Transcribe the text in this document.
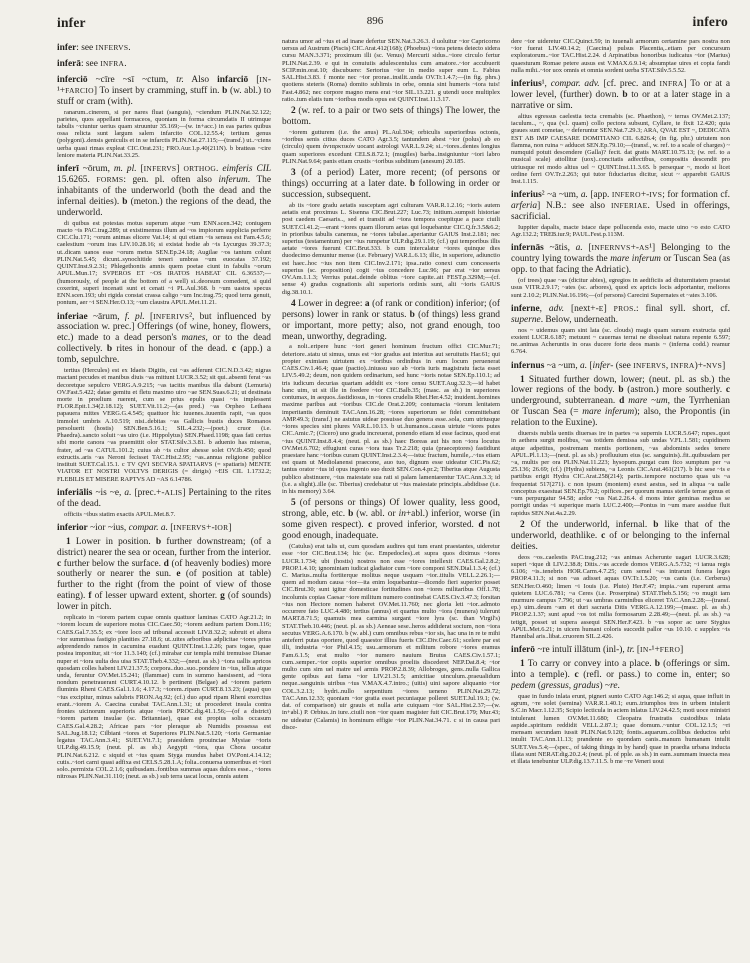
infer	896	infero

infer: see INFERVS.

inferā: see INFRA.

inferciō ~cīre ~sī ~ctum, tr. Also infarciō [IN-¹+FARCIO] To insert by cramming, stuff in. b (w. abl.) to stuff or cram (with).

ranarum..cinerem, si per nares fluat (sanguis), ~ciendum PLIN.Nat.32.122; parietes, quos appellant formaceos, quoniam in forma circumdatis II utrimque tabulis ~ciuntur uerius quam struuntur 35.169;—(w. in+acc.) in eas partes quibus ossa relicta sunt largum salem infarcito COL.12.55.4; tertium genus (polygoni)..densis geniculis et in se infarctis PLIN.Nat.27.115;—(transf.) ut..~ciens uerba quasi rimas expleat CIC.Orat.231; FRO.Aur.1.p.40(211N). b bratteas ~cire leniore materia PLIN.Nat.33.25.

inferī ~ōrum, m. pl. [INFERVS] ORTHOG. eimferis CIL 15.6265. FORMS: gen. pl. often also inferum. The inhabitants of the underworld (both the dead and the infernal deities). b (meton.) the regions of the dead, the underworld.

di quibus est potestas motus superum atque ~um ENN.scen.342; coniugem macto ~is PAC.trag.289; ut existimemus illum ad ~os impiorum supplicia perferre CIC.Clu.171; ~orum animas elicere Vat.14; si qui etiam ~is sensus est Fam.4.5.6; caelestium ~orum iras LIV.10.28.16; si existat hodie ab ~is Lycurgus 39.37.3; ut..dicam uanos esse ~orum metus SEN.Ep.24.18; Augilae ~os tantum colunt PLIN.Nat.5.45; dicunt..synochitide teneri umbras ~um euocatas 37.192; QUINT.Inst.9.2.31; Phlegethontis amnis quem poetae ciunt in fabulis ~orum APUL.Mun.17; SVPEROS ET ~OS IRATOS HABEAT CIL 6.36537;—(humorously, of people at the bottom of a well) si..deorsum comedent, si quid coxerint, superi incenati sunt et cenati ~i PL.Aul.368. b ~um uastos specus ENN.scen.193; ubi rigida constat crassa caligo ~um Inc.trag.75; quod terra genuit, pontum, aer ~i SEN.Her.O.13; ~um claustra APUL.Met.11.21.

inferiae ~ārum, f. pl. [INFERIVS², but influenced by association w. prec.] Offerings (of wine, honey, flowers, etc.) made to a dead person's manes, or to the dead collectively. b rites in honour of the dead. c (app.) a tomb, sepulchre.

tertius (Hercules) est ex Idaeis Digitis, cui ~as adferunt CIC.N.D.3.42; nigras mactant pecudes et manibus diuis ~as mittunt LUCR.3.52; sit qui..absenti ferat ~as decoretque sepulcro VERG.A.9.215; ~as tacitis manibus illa dabunt (Lemuria) OV.Fast.5.422; datae gemitu et fletu maximo uiro ~ae SEN.Suas.6.21; ut destinata morte in proelium ruerent, cum se prius epulis quasi ~is implessent FLOR.Epit.1.34(2.18.12); SUET.Vit.11.2;—(as pred.) ~as Orpheo Lethaea papauera mittes VERG.G.4.545; quattuor hic iuuenes..iuuentis rapit, ~as quos immolet umbris A.10.519; nisi..debitas ~as Gallicis bustis duces Romanos persoluerit (hostis) SEN.Ben.5.16.1; SIL.4.232;—(poet.) cruor (i.e. Phaedra)..sancto soluit ~as uiro (i.e. Hippolytus) SEN.Phaed.1198; quas fati certus sibi morte canora ~as praemittit olor STAT.Silv.3.3.81. b aduenio has miseras, frater, ad ~as CATUL.101.2; cuius ab ~is cultor abesse solet OV.Ib.450; quod extructis..aris ~as Neroni fecisset TAC.Hist.2.95; ~as..annua religione publice instituit SUET.Cal.15.1. c TV QVI SECVRA SPATIARVS (= spatiaris) MENTE VIATOR ET NOSTRI VOLTVS DERIGIS (= dirigis) ~EIS CIL 1.1732.2; FLEBILIS ET MISERE RAPTVS AD ~AS 6.14786.

inferiālis ~is ~e, a. [prec.+-ALIS] Pertaining to the rites of the dead.

officiis ~ibus statim exactis APUL.Met.8.7.

inferior ~ior ~ius, compar. a. [INFERVS+-IOR]

1 Lower in position. b further downstream; (of a district) nearer the sea or ocean, further from the interior. c further below the surface. d (of heavenly bodies) more southerly or nearer the sun. e (of position at table) further to the right (from the point of view of those eating). f of lesser upward extent, shorter. g (of sounds) lower in pitch.

replicato in ~iorem partem cupae omnis quattuor laminas CATO Agr.21.2; in ~iorem locum de superiore motus CIC.Caec.50; ~iorem aedium partem Dom.116; CAES.Gal.7.35.5; ex ~iore loco ad tribunal accessit LIV.8.32.2; subruit et altera ~ior summissa fastigio planities 27.18.6; ut..uites arboribus adplicitae ~iores prius adprendendo ramos in cacumina euadunt QUINT.Inst.1.2.26; pars togae, quae postea imponitur, sit ~ior 11.3.140; (cf.) mirabar cur templa mihi tremuisse Dianae nuper et ~iora uulta dea uisa STAT.Theb.4.332;—(neut. as sb.) ~iora uallis apricos quosdam colles habent LIV.21.37.5; corpora..duo..suo..pondere in ~ius, tellus atque unda, feruntur OV.Met.15.241; (flammae) cum in summo haesissent, ad ~iora nondum penetrauerant CURT.4.10.12. b pertinent (Belgae) ad ~iorem partem fluminis Rheni CAES.Gal.1.1.6; 4.17.3; ~iorem..ripam CURT.8.13.23; (aqua) quo ~ius excipitur, minus salubris FRON.Aq.92; (cf.) duo apud ripam Rheni exercitus erant..~iorem A. Caecina curabat TAC.Ann.1.31; ut procederet insula contra frontes uicinorum superioris atque ~ioris PROC.dig.41.1.56;—(of a district) ~iorem partem insulae (sc. Britanniae), quae est propius solis occasum CAES.Gal.4.28.2; Africae pars ~ior pleraque ab Numidis possessa est SAL.Jug.18.12; Cilbiani ~iores et Superiores PLIN.Nat.5.120; ~ioris Germaniae legatus TAC.Ann.3.41; SUET.Vit.7.1; praesidem prouinciae Mysiae ~ioris ULP.dig.49.15.9; (neut. pl. as sb.) Aegypti ~iora, qua Chora uocatur PLIN.Nat.6.212. c siquid et ~ius quam Styga mundus habet OV.Pont.4.14.12; cutis..~iori carni quasi adfixa est CELS.5.28.1.A; folia..conuersa uomeribus et ~iori solo..permixta COL.2.1.6; quibusdam..fontibus summas aquas dulces esse.., ~iores nitrosas PLIN.Nat.31.110; (neut. as sb.) sub terra uacat locus, omnis autem

natura umor ad ~ius et ad inane defertur SEN.Nat.3.26.3. d uoluitur ~ior Capricorno uersus ad Austrum (Piscis) CIC.Arat.412(168); (Phoebus) ~iora petens deiecto sidera cursu MAN.3.371; proximum illi (sc. Venus) Mercurii sidus..~iore circulo fertur PLIN.Nat.2.39. e qui in conuiuiis adulescentulus cum amatore..~ior accubuerit SCIP.min.orat.10; discubuere: Sertorius ~ior in medio super eum L. Fabius SAL.Hist.3.83. f monte nec ~ior prorae..insilit..unda OV.Tr.1.4.7;—(in fig. phrs.) quotiens steteris (Roma) domito sublimis in orbe, omnia sint humeris ~iora tuis! Fast.4.862; nec corpore magno mens erat ~ior SIL.13.221. g utendi uoce multiplex ratio..tum elatis tum ~ioribus modis opus est QUINT.Inst.11.3.17.

2 (w. ref. to a pair or two sets of things) The lower, the bottom.

~iorem gutturem (i.e. the anus) PL.Aul.304; orbiculis superioribus octonis, ~ioribus senis citius duces CATO Agr.3.5; tantundem abest ~ior (polus) ab eo (circulo) quem ἀνταρκτικόν uocant astrologi VAR.L.9.24; si..~iores..dentes longius quam superiores excedunt CELS.8.72.1; (mugiles) barba..insigniuntur ~iori labro PLIN.Nat.9.64; panis etiam crustis ~ioribus subditum (anesum) 20.185.

3 (of a period) Later, more recent; (of persons or things) occurring at a later date. b following in order or succession, subsequent.

ab iis ~iore gradu aetatis susceptam agri culturam VAR.R.1.2.16; ~ioris autem aetatis erat proximus L. Sisenna CIC.Brut.227; Luc.73; initium..sumpsit historiae post caedem Caesaris.., sed et transiit ad ~iora tempora coepitque a pace ciuili SUET.Cl.41.2;—erant ~iores quam illorum aetas qui loquebantur CIC.Q.fr.3.5&6.2; in prioribus tabulis canemus, ne ~iores tabulae..aperiantur GAIUS Inst.2.181; nec superius (testamentum) per ~ius rumpetur ULP.dig.29.1.19; (cf.) qui temporibus illis aetate ~iores fuerunt CIC.Brut.333. b cum intercalatur ~iores quinque dies duodecimo demuntur mense (i.e. February) VAR.L.6.13; illic, in superiore, adiunctio est haec..hoc ~ius non item CIC.Inv.2.171; ipsa..ratio conexi cum concesseris superius (sc. proposition) cogit ~ius concedere Luc.96; par erat ~ior uersus OV.Am.1.1.3; Verrius putat..deinde oblitus ~iore capite..ait FEST.p.329M;—(cf. sense 4) gradus cognationis alii superioris ordinis sunt, alii ~ioris GAIUS dig.38.10.1.

4 Lower in degree: a (of rank or condition) inferior; (of persons) lower in rank or status. b (of things) less grand or important, more petty; also, not grand enough, too mean, unworthy, degrading.

a noli..eripere hunc ~iori generi hominum fructum offici CIC.Mur.71; deteriore..statu ut simus, unus est ~ior gradus aut interitus aut seruitutis Har.61; qui propter eximiam uirtutem ex ~ioribus ordinibus in eum locum peruenerat CAES.Civ.1.46.4; quae (pactio)..iniussu suo ab ~ioris iuris magistratu facta esset LIV.5.49.2; deum, non quidem ordinarium, sed hunc ~ioris notae SEN.Ep.110.1; ad tris iudicum decurias quartam addidit ex ~iore censu SUET.Aug.32.3;—id habet hanc uim, ut sit ille in foedere ~ior CIC.Balb.35; (masc. as sb.) in superiores contumax, in aequos..fastidiosus, in ~iores crudelis Rhet.Her.4.52; inuident..homines maxime paribus aut ~ioribus CIC.de Orat.2.209; contumacia ~iorum lenitatem imperitantis deminuit TAC.Ann.16.28; ~iores superiorum se fidei committebant AMP.49.3; (transf.) ne astutus uidear posuisse duo genera esse..sola, cum utriusque ~iores species sint plures VAR.L.10.13. b ut..humanos..casus uirtute ~iores putes CIC.Amic.7; (Cicero) uno gradu increuerat, ponendo etiam id esse facinus, quod erat ~ius QUINT.Inst.8.4.4; (neut. pl. as sb.) haec Boreas aut his non ~iora locutus OV.Met.6.702; effugiunt curas ~iora tuas Tr.2.218; quia (praeceptores) fastidiunt praestare hanc ~ioribus curam QUINT.Inst.2.3.4;—istuc fractum, humile,..~ius etiam est quam ut Mediolanensi praecone, auo tuo, dignum esse uideatur CIC.Pis.62; tantus orator ~ius id opus ingenio suo duxit SEN.Con.4.pr.2; Tiberius atque Augusta publico abstinuere, ~ius maiestate sua rati si palam lamentarentur TAC.Ann.3.3; id (i.e. a slight)..ille (sc. Tiberius) credebatur ut ~ius maiestate principis..abdidisse (i.e. in his memory) 3.64.

5 (of persons or things) Of lower quality, less good, strong, able, etc. b (w. abl. or in+abl.) inferior, worse (in some given respect). c proved inferior, worsted. d not good enough, inadequate.

(Catulus) erat talis ut, cum quosdam audires qui tum erant praestantes, uideretur esse ~ior CIC.Brut.134; hic (sc. Empedocles)..et supra quos diximus ~iores LUCR.1.734; ubi (hostis) nostros non esse ~iores intellexit CAES.Gal.2.8.2; PROP.1.4.10; ignominiam iudicat gladiator cum ~iore componi SEN.Dial.1.3.4; (cf.) C. Marius..multa fortiterque molitus neque usquam ~ior..titulis VELL.2.26.1;—quem ad modum causa ~ior—ita enim loquebantur—dicendo fieri superior posset CIC.Brut.30; sunt igitur domesticae fortitudines non ~iores militaribus Off.1.78; incolumis copias Caesar ~iore militum numero continebat CAES.Civ.3.47.3; forsitan ~ius non Hectore nomen haberet OV.Met.11.760; nec gloria leti ~ior..admoto occurrere fato LUC.4.480; tertius (annus) et quartus multo ~iora (munera) tulerunt MART.8.71.5; quamuis mea carmina surgant ~iore lyra (sc. than Virgil's) STAT.Theb.10.446; (neut. pl. as sb.) Aeneae sese..heros addiderat socium, non ~iora secutus VERG.A.6.170. b (w. abl.) cum omnibus rebus ~ior sis, hac una in re te mihi anteferri putas oportere, quod quaestor illius fueris CIC.Div.Caec.61; scelere par est illi, industria ~ior Phil.4.15; usu..armorum et militum robore ~iores eramus Fam.6.1.5; erat multo ~ior numero nauium Brutus CAES.Civ.1.57.1; cum..semper..~ior copiis superior omnibus proeliis discederet NEP.Dat.8.4; ~ior multo cum sim uel matre uel armis PROP.2.8.39; Allobroges, gens..nulla Gallica gente opibus aut fama ~ior LIV.21.31.5; amicitiae uinculum..praeualidum neque..sanguinis uiribus ~ius V.MAX.4.7.intro.; (uitis) uini sapore aliquanto ~ior COL.3.2.13; hydri..nullo serpentium ~iores ueneno PLIN.Nat.29.72; TAC.Ann.12.33; quoniam ~ior gratia esset pecuniaque polleret SUET.Jul.19.1; (w. dat. of comparison) uir grauis et nulla arte cuiquam ~ior SAL.Hist.2.37;—(w. in+abl.) P. Orbius..in iure..ciuili non ~ior quam magister fuit CIC.Brut.179; Mur.43; ne uideatur (Calamis) in hominum effigie ~ior PLIN.Nat.34.71. c si in causa pari disce-

dere ~ior uideretur CIC.Quinct.59; in iuuenali armorum certamine pars nostra non ~ior fuerat LIV.40.14.2; (Caecina) pulsus Placentia,..etiam per concursum exploratorum..~ior TAC.Hist.2.24. d Arpinatibus honoribus iudicatus ~ior (Marius) quaesturam Romae petere ausus est V.MAX.6.9.14; absumptae uires et copia fandi nulla mihi..~ior uox omnis et omnia sordent uerba STAT.Silv.5.5.52.

inferius¹, compar. adv. [cf. prec. and INFRA] To or at a lower level, (further) down. b to or at a later stage in a narrative or sim.

altius egressus caelestia tecta cremabis (sc. Phaethon), ~ terras OV.Met.2.137; iaculum.., ~, qua (v.l. quam) collo pectora subsunt, Cyllare, te fixit 12.420; quia graues sunt cometae, ~ deferuntur SEN.Nat.7.29.3; ARA, QVAE EST ~, DEDICATA EST AB IMP CAESARE DOMITIANO CIL 6.826.4; (in fig. phr.) uirtutem non flamma, non ruina ~ adducet SEN.Ep.79.10;—(transf., w. ref. to a scale of charges) ~ numquid potuit descendere (Galla)? fecit. dat gratis MART.10.75.13; (w. ref. to a musical scale) attollitur (uox)..concitatis adfectibus, compositis descendit pro utriusque rei modo altius uel ~ QUINT.Inst.11.3.65. b persequar ~, modo si licet ordine ferri OV.Tr.2.263; qui tutor fiduciarius dicitur, sicut ~ apparebit GAIUS Inst.1.115.

inferius² ~a ~um, a. [app. INFERO+-IVS; for formation cf. arferia] N.B.: see also INFERIAE. Used in offerings, sacrificial.

Iuppiter dapalis, macte istace dape pollucenda esto, macte uino ~o esto CATO Agr.132.2; TREB.iur.9; PAUL.Fest.p.113M.

infernās ~ātis, a. [INFERNVS+-AS¹] Belonging to the country lying towards the mare inferum or Tuscan Sea (as opp. to that facing the Adriatic).

(of trees) quae ~as (dicitur abies), egregios in aedificiis ad diuturnitatem praestat usus VITR.2.9.17; ~ates (sc. arbores), quod ex apricis locis adportantur, meliores sunt 2.10.2; PLIN.Nat.16.196;—(of persons) Carecini Supernates et ~ates 3.106.

inferne, adv. [next+-E] PROS.: final syll. short, cf. superne. Below, underneath.

nos ~ uidemus quam sint lata (sc. clouds) magis quam sursum exstructa quid exstent LUCR.6.187; metuunt ~ cauernas terrai ne dissoluat natura repente 6.597; ne..animas Acheruntis in oras ducere forte deos manis ~ (inferna codd.) reamur 6.764.

infernus ~a ~um, a. [infer- (see INFERVS, INFRA)+-NVS]

1 Situated further down, lower; (neut. pl. as sb.) the lower regions of the body. b (astron.) more southerly. c underground, subterranean. d mare ~um, the Tyrrhenian or Tuscan Sea (= mare inferum); also, the Propontis (in relation to the Euxine).

diuersis nubila uentis diuersas ire in partes ~a supernis LUCR.5.647; rupes..quot in aethera surgit molibus, ~as totidem demissa sub undas V.FL.1.581; cupidinem atque adpetitus, postremam mentis portionem, ~as abdominis sedes tenere APUL.Pl.1.13;—(neut. pl. as sb.) profluuium eius (sc. sanguinis)..fit..quibusdam per ~a, multis per ora PLIN.Nat.11.223; hysopum..purgat cum fico sumptum per ~a 25.136; 26.69; (cf.) (Hydra) subiens, ~a Leonis CIC.Arat.461(217). b hic sese ~is e partibus erigit Hydra CIC.Arat.258(214); partis..tempore nocturno quas uis ~a frequentat 517(271). c non ipsum (montem) exest aestus, sed in aliqua ~a ualle conceptus exaestuat SEN.Ep.79.2; opifices..per quorum manus sterile terrae genus et ~um perpurgatur 94.58; ardor ~us Nat.2.26.4. d mons inter geminas medius se porrigit undas ~i superique maris LUC.2.400;—Pontus in ~um mare assidue fluit rapidus SEN.Nat.4a.2.29.

2 Of the underworld, infernal. b like that of the underworld, deathlike. c of or belonging to the infernal deities.

deos ~os..caelestis PAC.trag.212; ~as animas Acherunte uagari LUCR.3.628; superi ~ique di LIV.2.38.8; Ditis..~as accede domos VERG.A.5.732; ~i ianua regis 6.106; ~is..tenebris HOR.Carm.4.7.25; cum semel ~as intrarunt funera leges PROP.4.11.3; si non ~as adisset aquas OV.Tr.1.5.20; ~us canis (i.e. Cerberus) SEN.Her.O.460; limen ~i Iouis (i.e. Pluto) Her.F.47; impia..~am ruperunt arma quietem LUC.6.781; ~a Ceres (i.e. Proserpina) STAT.Theb.5.156; ~o mugit iam murmure campus 7.796; ut ~as umbras carminibus eliceret TAC.Ann.2.28;—(transf. ep.) uim..deum ~am et duri sacraria Ditis VERG.A.12.199;—(masc. pl. as sb.) PROP.2.1.37; sunt apud ~os tot milia formosarum 2.28.49;—(neut. pl. as sb.) ~a tetigit, posset ut supera assequi SEN.Her.F.423. b ~us sopor ac uere Stygius APUL.Met.6.21; in uicem humani coloris succedit pallor ~us 10.10. c supplex ~is Hannibal aris..libat..cruorem SIL.2.426.

inferō ~re intulī illātum (inl-), tr. [IN-¹+FERO]

1 To carry or convey into a place. b (offerings or sim. into a temple). c (refl. or pass.) to come in, enter; so pedem (gressus, gradus) ~re.

quae in fundo inlata erunt, pigneri sunto CATO Agr.146.2; si aqua, quae influit in agrum, ~re solet (semina) VAR.R.1.40.1; eum..triumphos tres in urbem intulerit S.C.in Macr.1.12.35; Scipio lecticula in aciem inlatus LIV.24.42.5; moti uoce ministri intulerant lumen OV.Met.11.680; Cleopatra frustratis custodibus inlata aspide..spiritum reddidit VELL.2.87.1; quae domum..~untur COL.12.1.5; ~ri mensam secundam iussit PLIN.Nat.9.120; fontis..aquarum..collibus deductos urbi intulit TAC.Ann.11.13; prandente eo quondam canis..manum humanam intulit SUET.Ves.5.4;—(spec., of taking things in by hand) quae in praedia urbana inducta illata sunt NERAT.dig.20.2.4; (neut. pl. of pple. as sb.) in eam..summam inuecta mea et illata tenebuntur ULP.dig.13.7.11.5. b me ~re Veneri uoui
